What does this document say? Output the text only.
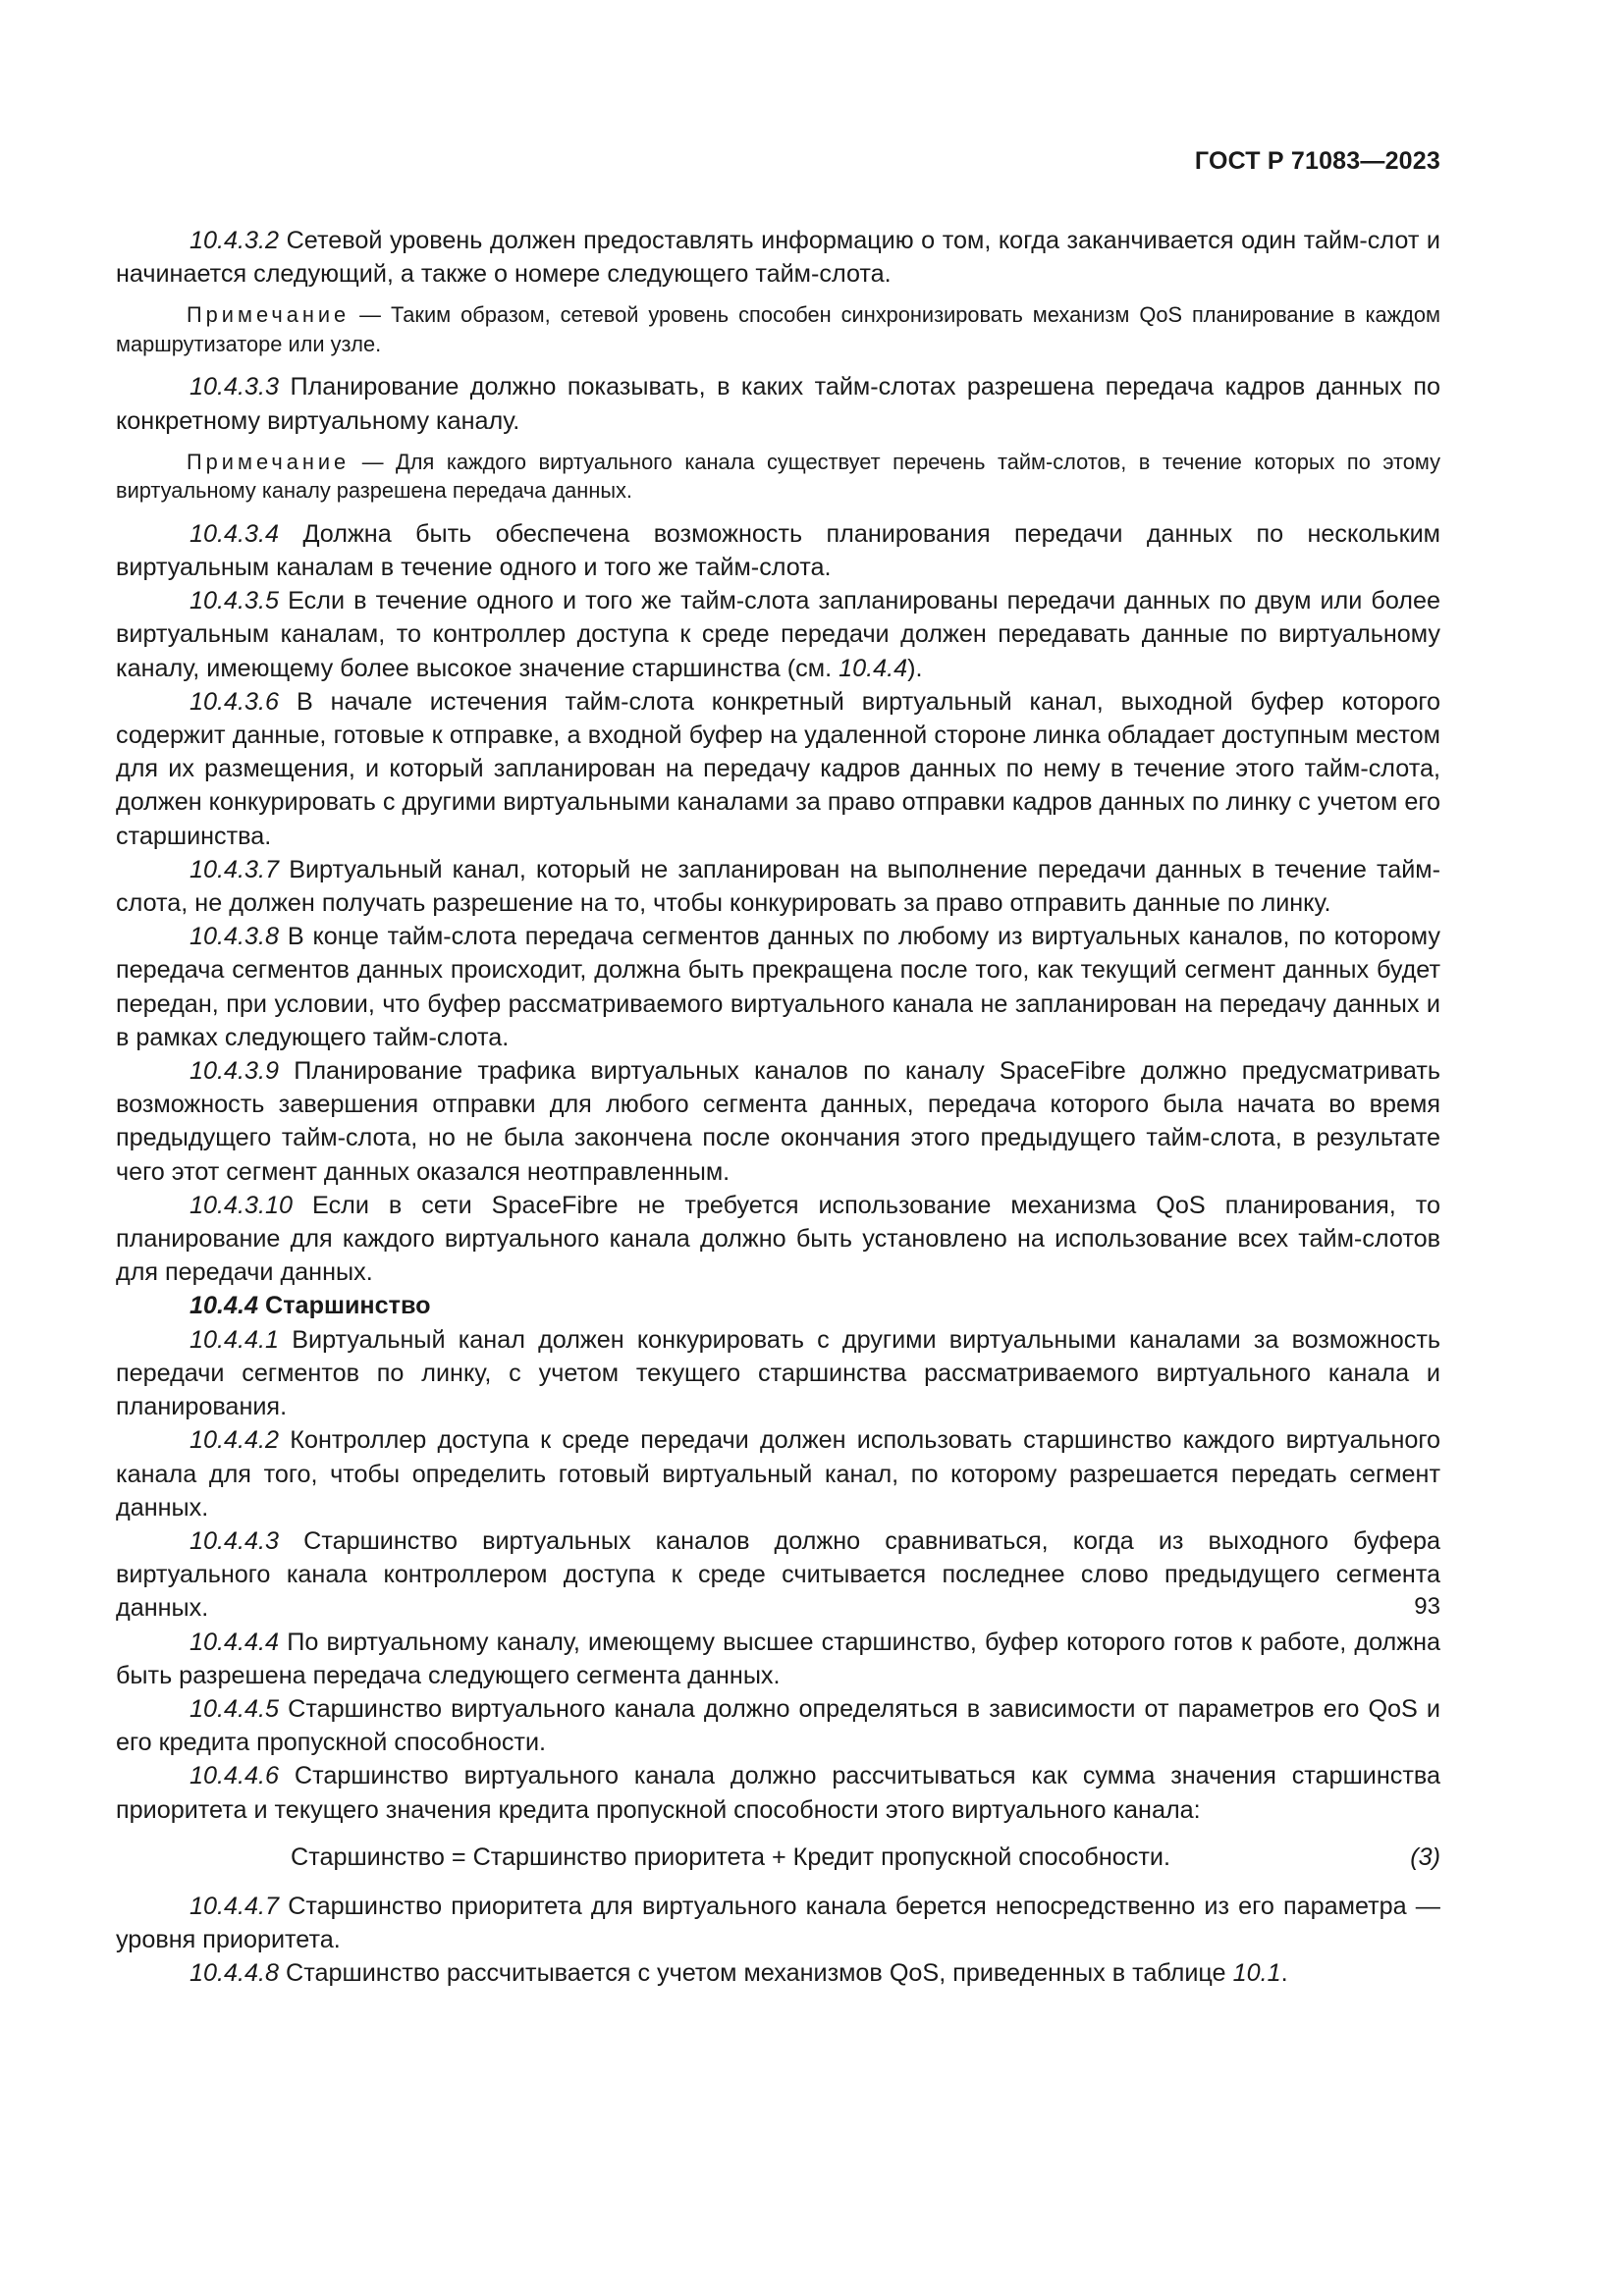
ГОСТ Р 71083—2023

10.4.3.2 Сетевой уровень должен предоставлять информацию о том, когда заканчивается один тайм-слот и начинается следующий, а также о номере следующего тайм-слота.

Примечание — Таким образом, сетевой уровень способен синхронизировать механизм QoS планирование в каждом маршрутизаторе или узле.

10.4.3.3 Планирование должно показывать, в каких тайм-слотах разрешена передача кадров данных по конкретному виртуальному каналу.

Примечание — Для каждого виртуального канала существует перечень тайм-слотов, в течение которых по этому виртуальному каналу разрешена передача данных.

10.4.3.4 Должна быть обеспечена возможность планирования передачи данных по нескольким виртуальным каналам в течение одного и того же тайм-слота.

10.4.3.5 Если в течение одного и того же тайм-слота запланированы передачи данных по двум или более виртуальным каналам, то контроллер доступа к среде передачи должен передавать данные по виртуальному каналу, имеющему более высокое значение старшинства (см. 10.4.4).

10.4.3.6 В начале истечения тайм-слота конкретный виртуальный канал, выходной буфер которого содержит данные, готовые к отправке, а входной буфер на удаленной стороне линка обладает доступным местом для их размещения, и который запланирован на передачу кадров данных по нему в течение этого тайм-слота, должен конкурировать с другими виртуальными каналами за право отправки кадров данных по линку с учетом его старшинства.

10.4.3.7 Виртуальный канал, который не запланирован на выполнение передачи данных в течение тайм-слота, не должен получать разрешение на то, чтобы конкурировать за право отправить данные по линку.

10.4.3.8 В конце тайм-слота передача сегментов данных по любому из виртуальных каналов, по которому передача сегментов данных происходит, должна быть прекращена после того, как текущий сегмент данных будет передан, при условии, что буфер рассматриваемого виртуального канала не запланирован на передачу данных и в рамках следующего тайм-слота.

10.4.3.9 Планирование трафика виртуальных каналов по каналу SpaceFibre должно предусматривать возможность завершения отправки для любого сегмента данных, передача которого была начата во время предыдущего тайм-слота, но не была закончена после окончания этого предыдущего тайм-слота, в результате чего этот сегмент данных оказался неотправленным.

10.4.3.10 Если в сети SpaceFibre не требуется использование механизма QoS планирования, то планирование для каждого виртуального канала должно быть установлено на использование всех тайм-слотов для передачи данных.

10.4.4 Старшинство

10.4.4.1 Виртуальный канал должен конкурировать с другими виртуальными каналами за возможность передачи сегментов по линку, с учетом текущего старшинства рассматриваемого виртуального канала и планирования.

10.4.4.2 Контроллер доступа к среде передачи должен использовать старшинство каждого виртуального канала для того, чтобы определить готовый виртуальный канал, по которому разрешается передать сегмент данных.

10.4.4.3 Старшинство виртуальных каналов должно сравниваться, когда из выходного буфера виртуального канала контроллером доступа к среде считывается последнее слово предыдущего сегмента данных.

10.4.4.4 По виртуальному каналу, имеющему высшее старшинство, буфер которого готов к работе, должна быть разрешена передача следующего сегмента данных.

10.4.4.5 Старшинство виртуального канала должно определяться в зависимости от параметров его QoS и его кредита пропускной способности.

10.4.4.6 Старшинство виртуального канала должно рассчитываться как сумма значения старшинства приоритета и текущего значения кредита пропускной способности этого виртуального канала:

Старшинство = Старшинство приоритета + Кредит пропускной способности.	(3)

10.4.4.7 Старшинство приоритета для виртуального канала берется непосредственно из его параметра — уровня приоритета.

10.4.4.8 Старшинство рассчитывается с учетом механизмов QoS, приведенных в таблице 10.1.

93
